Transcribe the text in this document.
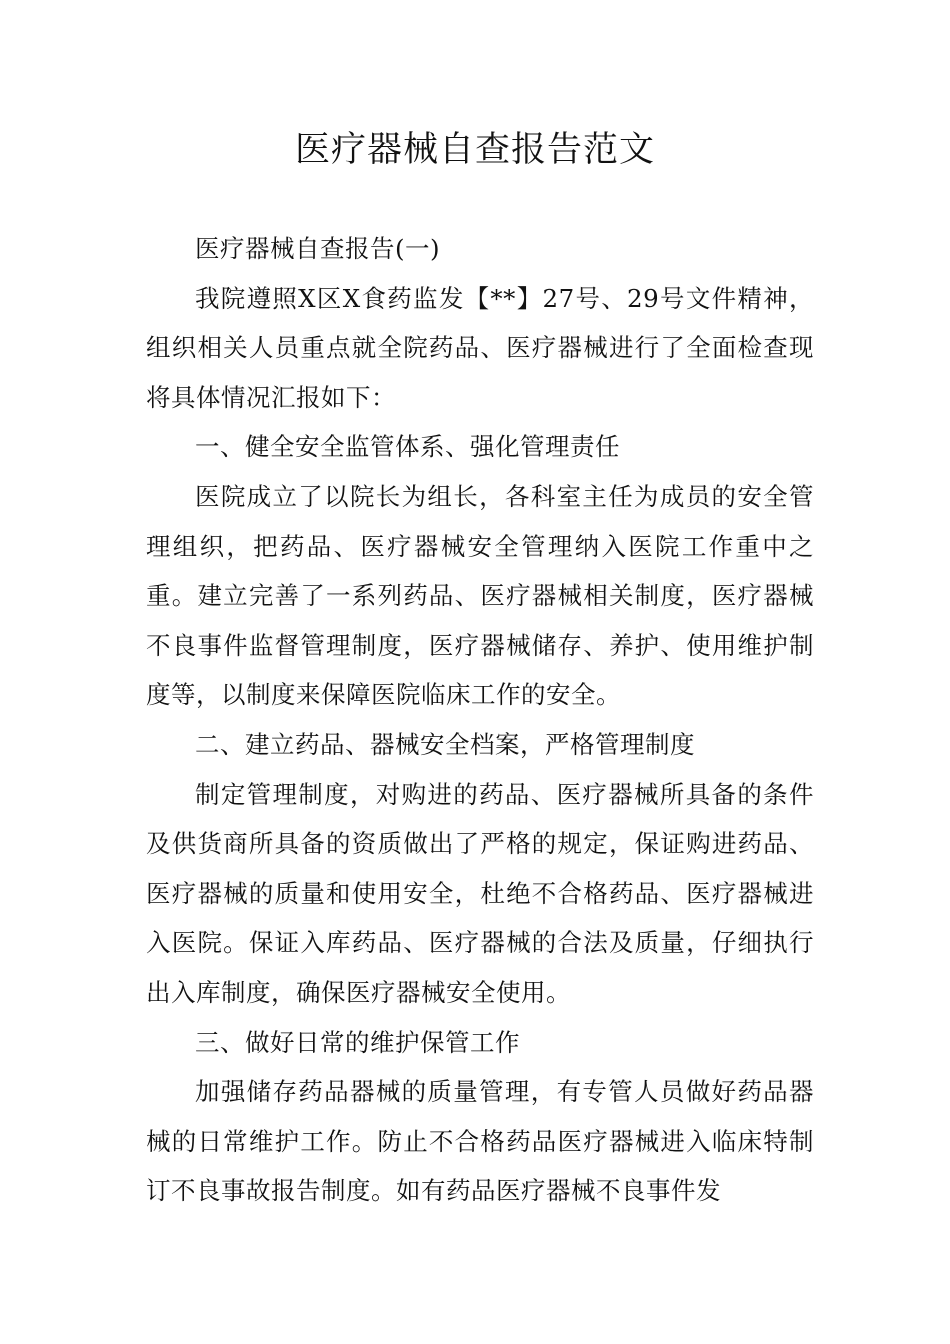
医疗器械自查报告范文

医疗器械自查报告(一)

我院遵照X区X食药监发【**】27号、29号文件精神，组织相关人员重点就全院药品、医疗器械进行了全面检查现将具体情况汇报如下：

一、健全安全监管体系、强化管理责任

医院成立了以院长为组长，各科室主任为成员的安全管理组织，把药品、医疗器械安全管理纳入医院工作重中之重。建立完善了一系列药品、医疗器械相关制度，医疗器械不良事件监督管理制度，医疗器械储存、养护、使用维护制度等，以制度来保障医院临床工作的安全。

二、建立药品、器械安全档案，严格管理制度

制定管理制度，对购进的药品、医疗器械所具备的条件及供货商所具备的资质做出了严格的规定，保证购进药品、医疗器械的质量和使用安全，杜绝不合格药品、医疗器械进入医院。保证入库药品、医疗器械的合法及质量，仔细执行出入库制度，确保医疗器械安全使用。

三、做好日常的维护保管工作

加强储存药品器械的质量管理，有专管人员做好药品器械的日常维护工作。防止不合格药品医疗器械进入临床特制订不良事故报告制度。如有药品医疗器械不良事件发
